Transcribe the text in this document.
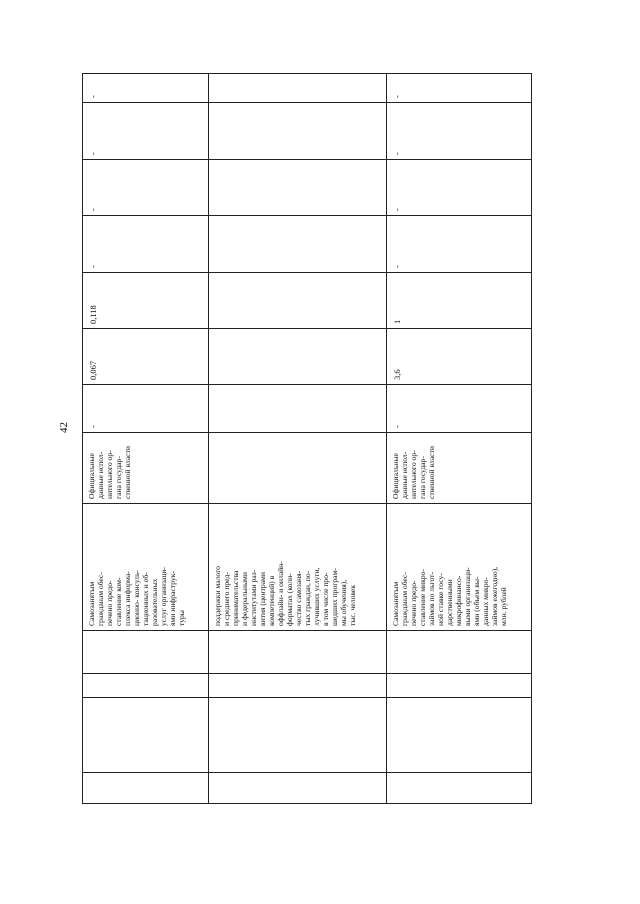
42
Самозанятым
гражданам обес-
печено предо-
ставление ком-
плекса информа-
ционно- консуль-
тационных и об-
разовательных
услуг организаци-
ями инфраструк-
туры
Официальные
данные испол-
нительного ор-
гана государ-
ственной власти
-
0,067
0,118
-
-
-
-
поддержки малого
и среднего пред-
принимательства
и федеральными
институтами раз-
вития (центрами
компетенций) в
оффлайн- и онлайн-
форматах (коли-
чество самозаня-
тых граждан, по-
лучивших услуги,
в том числе про-
шедших програм-
мы обучения),
тыс. человек	Самозанятым
гражданам обес-
печено предо-
ставление микро-
займов по льгот-
ной ставке госу-
дарственными
микрофинансо-
выми организаци-
ями (объем вы-
данных микро-
займов ежегодно),
млн. рублей
Официальные
данные испол-
нительного ор-
гана государ-
ственной власти
-
3,6
1
-
-
-
-
